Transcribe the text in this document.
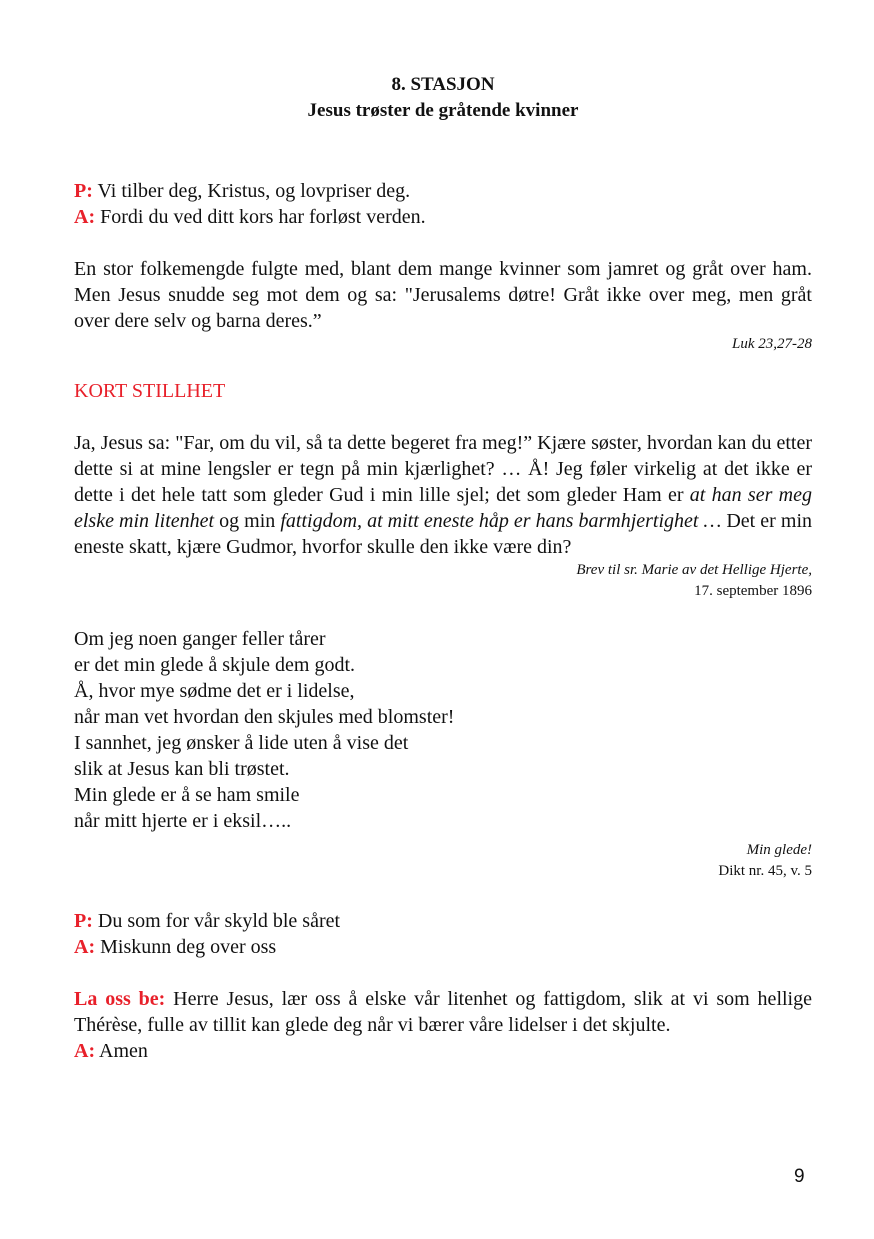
8. STASJON
Jesus trøster de gråtende kvinner

P: Vi tilber deg, Kristus, og lovpriser deg.

A: Fordi du ved ditt kors har forløst verden.

En stor folkemengde fulgte med, blant dem mange kvinner som jamret og gråt over ham. Men Jesus snudde seg mot dem og sa: "Jerusalems døtre! Gråt ikke over meg, men gråt over dere selv og barna deres.”

Luk 23,27-28

KORT STILLHET

Ja, Jesus sa: "Far, om du vil, så ta dette begeret fra meg!” Kjære søster, hvordan kan du etter dette si at mine lengsler er tegn på min kjærlighet? … Å! Jeg føler virkelig at det ikke er dette i det hele tatt som gleder Gud i min lille sjel; det som gleder Ham er at han ser meg elske min litenhet og min fattigdom, at mitt eneste håp er hans barmhjertighet … Det er min eneste skatt, kjære Gudmor, hvorfor skulle den ikke være din?

Brev til sr. Marie av det Hellige Hjerte,
17. september 1896
Om jeg noen ganger feller tårer
er det min glede å skjule dem godt.
Å, hvor mye sødme det er i lidelse,
når man vet hvordan den skjules med blomster!
I sannhet, jeg ønsker å lide uten å vise det
slik at Jesus kan bli trøstet.
Min glede er å se ham smile
når mitt hjerte er i eksil…..
Min glede!
Dikt nr. 45, v. 5

P: Du som for vår skyld ble såret

A: Miskunn deg over oss

La oss be: Herre Jesus, lær oss å elske vår litenhet og fattigdom, slik at vi som hellige Thérèse, fulle av tillit kan glede deg når vi bærer våre lidelser i det skjulte.

A: Amen

9
